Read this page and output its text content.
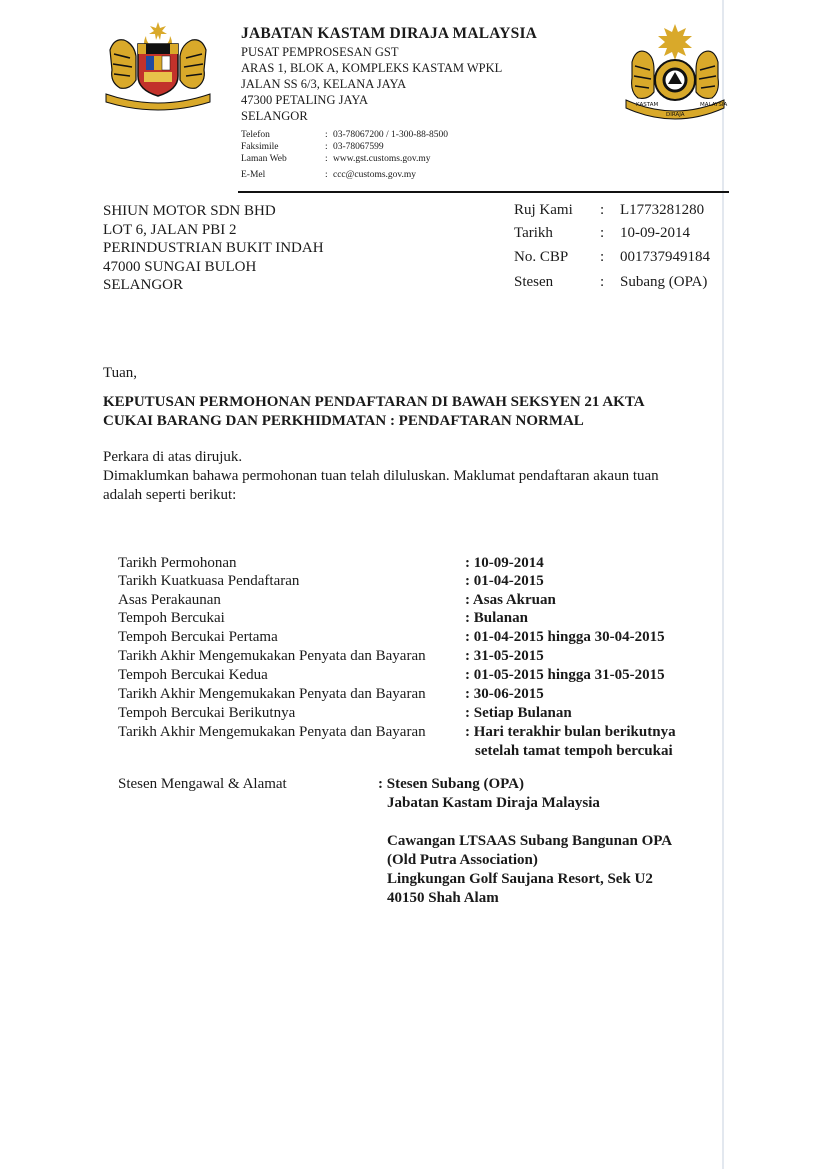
KASTAM	MALAYSIA
DIRAJA
JABATAN KASTAM DIRAJA MALAYSIA
PUSAT PEMPROSESAN GST
ARAS 1, BLOK A, KOMPLEKS KASTAM WPKL
JALAN SS 6/3, KELANA JAYA
47300 PETALING JAYA
SELANGOR
Telefon	: 03-78067200 / 1-300-88-8500
Faksimile	: 03-78067599
Laman Web	: www.gst.customs.gov.my
E-Mel	: ccc@customs.gov.my
SHIUN MOTOR SDN BHD
LOT 6, JALAN PBI 2
PERINDUSTRIAN BUKIT INDAH
47000 SUNGAI BULOH
SELANGOR
Ruj Kami : L1773281280
Tarikh	: 10-09-2014
No. CBP : 001737949184
Stesen	: Subang (OPA)
Tuan,
KEPUTUSAN PERMOHONAN PENDAFTARAN DI BAWAH SEKSYEN 21 AKTA
CUKAI BARANG DAN PERKHIDMATAN : PENDAFTARAN NORMAL
Perkara di atas dirujuk.
Dimaklumkan bahawa permohonan tuan telah diluluskan. Maklumat pendaftaran akaun tuan
adalah seperti berikut:
Tarikh Permohonan	: 10-09-2014
Tarikh Kuatkuasa Pendaftaran	: 01-04-2015
Asas Perakaunan	: Asas Akruan
Tempoh Bercukai	: Bulanan
Tempoh Bercukai Pertama	: 01-04-2015 hingga 30-04-2015
Tarikh Akhir Mengemukakan Penyata dan Bayaran	: 31-05-2015
Tempoh Bercukai Kedua	: 01-05-2015 hingga 31-05-2015
Tarikh Akhir Mengemukakan Penyata dan Bayaran	: 30-06-2015
Tempoh Bercukai Berikutnya	: Setiap Bulanan
Tarikh Akhir Mengemukakan Penyata dan Bayaran	: Hari terakhir bulan berikutnya
setelah tamat tempoh bercukai
Stesen Mengawal & Alamat	: Stesen Subang (OPA)
Jabatan Kastam Diraja Malaysia
Cawangan LTSAAS Subang Bangunan OPA
(Old Putra Association)
Lingkungan Golf Saujana Resort, Sek U2
40150 Shah Alam
